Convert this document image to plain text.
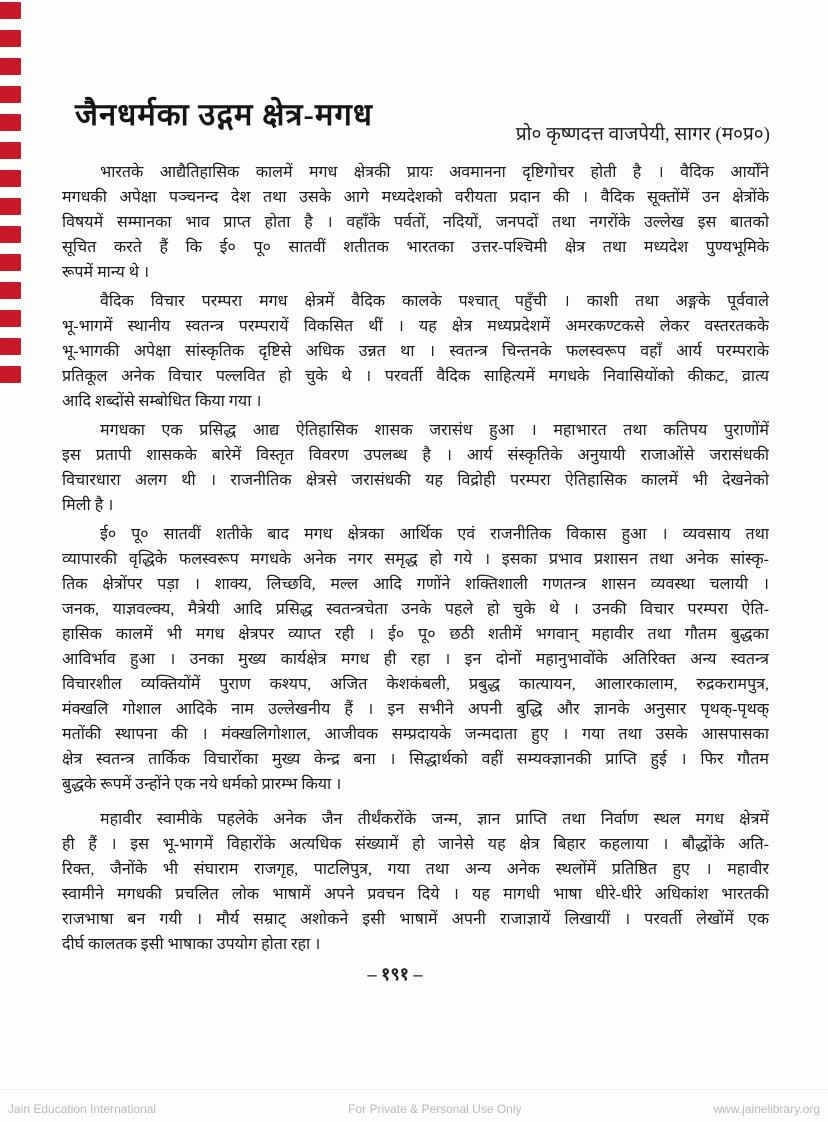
जैनधर्मका उद्गम क्षेत्र-मगध
प्रो० कृष्णदत्त वाजपेयी, सागर (म०प्र०)

भारतके आद्यैतिहासिक कालमें मगध क्षेत्रकी प्रायः अवमानना दृष्टिगोचर होती है । वैदिक आर्योंने
मगधकी अपेक्षा पञ्चनन्द देश तथा उसके आगे मध्यदेशको वरीयता प्रदान की । वैदिक सूक्तोंमें उन क्षेत्रोंके
विषयमें सम्मानका भाव प्राप्त होता है । वहाँके पर्वतों, नदियों, जनपदों तथा नगरोंके उल्लेख इस बातको
सूचित करते हैं कि ई० पू० सातवीं शतीतक भारतका उत्तर-पश्चिमी क्षेत्र तथा मध्यदेश पुण्यभूमिके
रूपमें मान्य थे ।

वैदिक विचार परम्परा मगध क्षेत्रमें वैदिक कालके पश्चात् पहुँची । काशी तथा अङ्गके पूर्ववाले
भू-भागमें स्थानीय स्वतन्त्र परम्परायें विकसित थीं । यह क्षेत्र मध्यप्रदेशमें अमरकण्टकसे लेकर वस्तरतकके
भू-भागकी अपेक्षा सांस्कृतिक दृष्टिसे अधिक उन्नत था । स्वतन्त्र चिन्तनके फलस्वरूप वहाँ आर्य परम्पराके
प्रतिकूल अनेक विचार पल्लवित हो चुके थे । परवर्ती वैदिक साहित्यमें मगधके निवासियोंको कीकट, व्रात्य
आदि शब्दोंसे सम्बोधित किया गया ।

मगधका एक प्रसिद्ध आद्य ऐतिहासिक शासक जरासंध हुआ । महाभारत तथा कतिपय पुराणोंमें
इस प्रतापी शासकके बारेमें विस्तृत विवरण उपलब्ध है । आर्य संस्कृतिके अनुयायी राजाओंसे जरासंधकी
विचारधारा अलग थी । राजनीतिक क्षेत्रसे जरासंधकी यह विद्रोही परम्परा ऐतिहासिक कालमें भी देखनेको
मिली है ।

ई० पू० सातवीं शतीके बाद मगध क्षेत्रका आर्थिक एवं राजनीतिक विकास हुआ । व्यवसाय तथा
व्यापारकी वृद्धिके फलस्वरूप मगधके अनेक नगर समृद्ध हो गये । इसका प्रभाव प्रशासन तथा अनेक सांस्कृ-
तिक क्षेत्रोंपर पड़ा । शाक्य, लिच्छवि, मल्ल आदि गणोंने शक्तिशाली गणतन्त्र शासन व्यवस्था चलायी ।
जनक, याज्ञवल्क्य, मैत्रेयी आदि प्रसिद्ध स्वतन्त्रचेता उनके पहले हो चुके थे । उनकी विचार परम्परा ऐति-
हासिक कालमें भी मगध क्षेत्रपर व्याप्त रही । ई० पू० छठी शतीमें भगवान् महावीर तथा गौतम बुद्धका
आविर्भाव हुआ । उनका मुख्य कार्यक्षेत्र मगध ही रहा । इन दोनों महानुभावोंके अतिरिक्त अन्य स्वतन्त्र
विचारशील व्यक्तियोंमें पुराण कश्यप, अजित केशकंबली, प्रबुद्ध कात्यायन, आलारकालाम, रुद्रकरामपुत्र,
मंक्खलि गोशाल आदिके नाम उल्लेखनीय हैं । इन सभीने अपनी बुद्धि और ज्ञानके अनुसार पृथक्-पृथक्
मतोंकी स्थापना की । मंक्खलिगोशाल, आजीवक सम्प्रदायके जन्मदाता हुए । गया तथा उसके आसपासका
क्षेत्र स्वतन्त्र तार्किक विचारोंका मुख्य केन्द्र बना । सिद्धार्थको वहीं सम्यक्ज्ञानकी प्राप्ति हुई । फिर गौतम
बुद्धके रूपमें उन्होंने एक नये धर्मको प्रारम्भ किया ।

महावीर स्वामीके पहलेके अनेक जैन तीर्थंकरोंके जन्म, ज्ञान प्राप्ति तथा निर्वाण स्थल मगध क्षेत्रमें
ही हैं । इस भू-भागमें विहारोंके अत्यधिक संख्यामें हो जानेसे यह क्षेत्र बिहार कहलाया । बौद्धोंके अति-
रिक्त, जैनोंके भी संघाराम राजगृह, पाटलिपुत्र, गया तथा अन्य अनेक स्थलोंमें प्रतिष्ठित हुए । महावीर
स्वामीने मगधकी प्रचलित लोक भाषामें अपने प्रवचन दिये । यह मागधी भाषा धीरे-धीरे अधिकांश भारतकी
राजभाषा बन गयी । मौर्य सम्राट् अशोकने इसी भाषामें अपनी राजाज्ञायें लिखायीं । परवर्ती लेखोंमें एक
दीर्घ कालतक इसी भाषाका उपयोग होता रहा ।

– १९१ –
Jain Education International	For Private & Personal Use Only	www.jainelibrary.org
